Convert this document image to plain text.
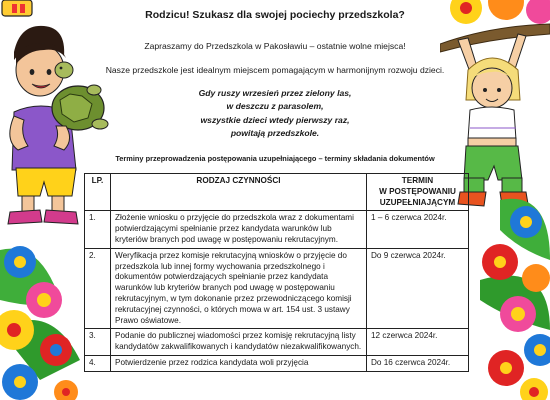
Rodzicu! Szukasz dla swojej pociechy przedszkola?
Zapraszamy do Przedszkola w Pakosławiu – ostatnie wolne miejsca!
Nasze przedszkole jest idealnym miejscem pomagającym w harmonijnym rozwoju dzieci.
Gdy ruszy wrzesień przez zielony las,
w deszczu z parasolem,
wszystkie dzieci wtedy pierwszy raz,
powitają przedszkole.
Terminy przeprowadzenia postępowania uzupełniającego – terminy składania dokumentów
LP.	RODZAJ CZYNNOŚCI	TERMIN
W POSTĘPOWANIU
UZUPEŁNIAJĄCYM

1.	Złożenie wniosku o przyjęcie do przedszkola wraz z dokumentami potwierdzającymi spełnianie przez kandydata warunków lub kryteriów branych pod uwagę w postępowaniu rekrutacyjnym.	1 – 6 czerwca 2024r.
2.	Weryfikacja przez komisje rekrutacyjną wniosków o przyjęcie do przedszkola lub innej formy wychowania przedszkolnego i dokumentów potwierdzających spełnianie przez kandydata warunków lub kryteriów branych pod uwagę w postępowaniu rekrutacyjnym, w tym dokonanie przez przewodniczącego komisji rekrutacyjnej czynności, o których mowa w art. 154 ust. 3 ustawy Prawo oświatowe.	Do 9 czerwca 2024r.
3.	Podanie do publicznej wiadomości przez komisję rekrutacyjną listy kandydatów zakwalifikowanych i kandydatów niezakwalifikowanych.	12 czerwca 2024r.
4.	Potwierdzenie przez rodzica kandydata woli przyjęcia	Do 16 czerwca 2024r.
